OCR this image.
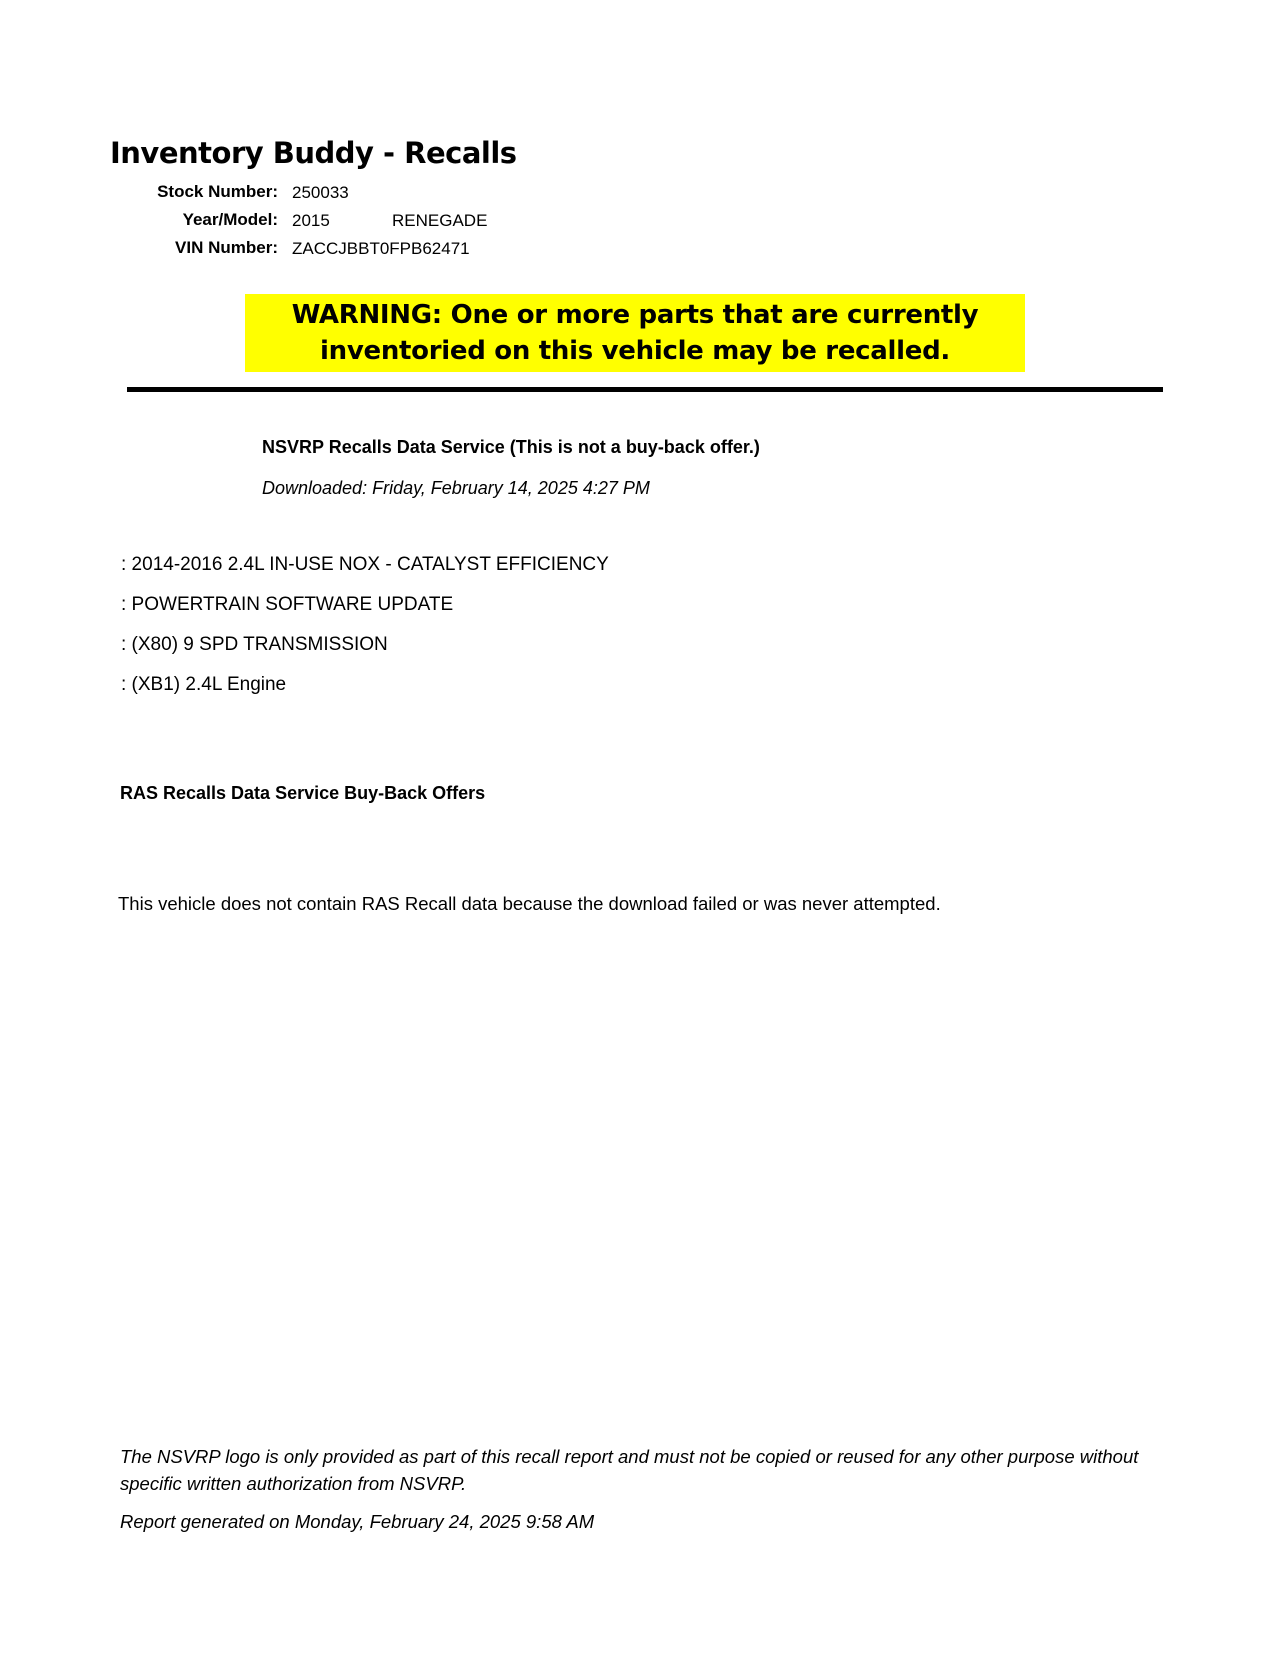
Inventory Buddy - Recalls
Stock Number: 250033
Year/Model: 2015	RENEGADE
VIN Number: ZACCJBBT0FPB62471
WARNING: One or more parts that are currently
inventoried on this vehicle may be recalled.
NSVRP Recalls Data Service (This is not a buy-back offer.)
Downloaded: Friday, February 14, 2025 4:27 PM
: 2014-2016 2.4L IN-USE NOX - CATALYST EFFICIENCY
: POWERTRAIN SOFTWARE UPDATE
: (X80) 9 SPD TRANSMISSION
: (XB1) 2.4L Engine
RAS Recalls Data Service Buy-Back Offers
This vehicle does not contain RAS Recall data because the download failed or was never attempted.
The NSVRP logo is only provided as part of this recall report and must not be copied or reused for any other purpose without specific written authorization from NSVRP.
Report generated on Monday, February 24, 2025 9:58 AM
